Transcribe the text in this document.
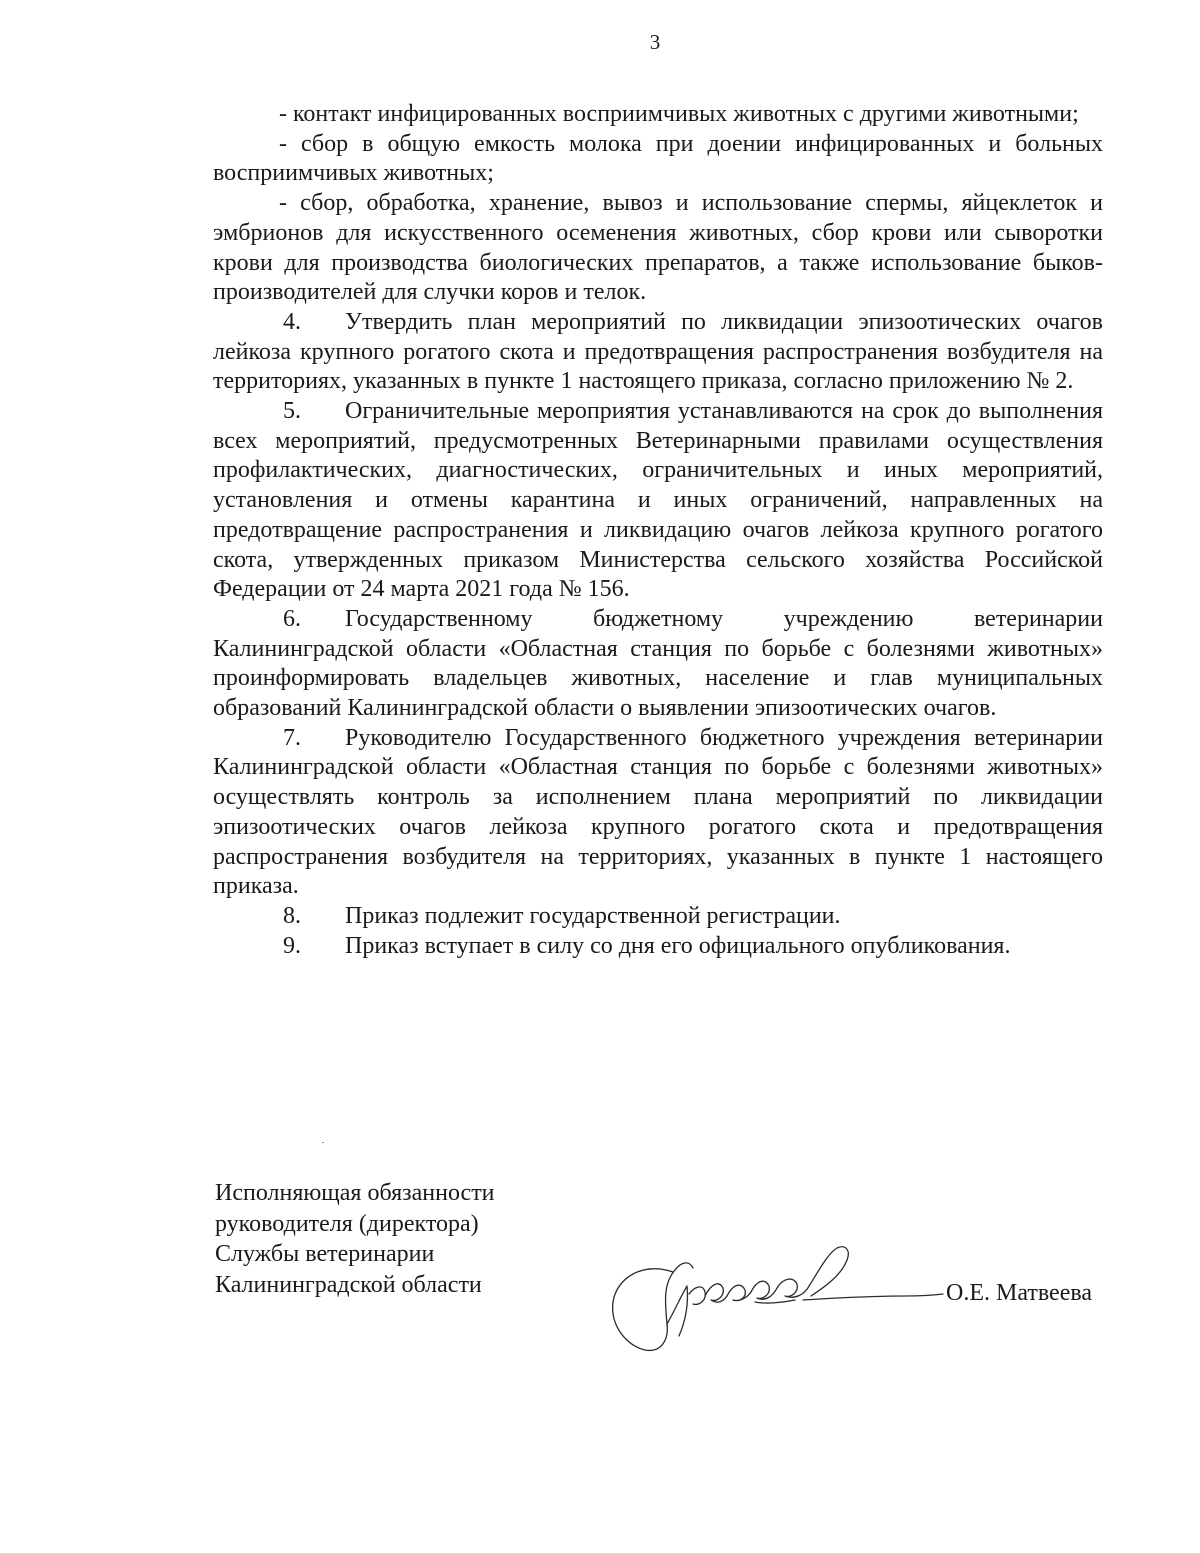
3

- контакт инфицированных восприимчивых животных с другими животными;

- сбор в общую емкость молока при доении инфицированных и больных восприимчивых животных;

- сбор, обработка, хранение, вывоз и использование спермы, яйцеклеток и эмбрионов для искусственного осеменения животных, сбор крови или сыворотки крови для производства биологических препаратов, а также использование быков-производителей для случки коров и телок.

4. Утвердить план мероприятий по ликвидации эпизоотических очагов лейкоза крупного рогатого скота и предотвращения распространения возбудителя на территориях, указанных в пункте 1 настоящего приказа, согласно приложению № 2.

5. Ограничительные мероприятия устанавливаются на срок до выполнения всех мероприятий, предусмотренных Ветеринарными правилами осуществления профилактических, диагностических, ограничительных и иных мероприятий, установления и отмены карантина и иных ограничений, направленных на предотвращение распространения и ликвидацию очагов лейкоза крупного рогатого скота, утвержденных приказом Министерства сельского хозяйства Российской Федерации от 24 марта 2021 года № 156.

6. Государственному бюджетному учреждению ветеринарии Калининградской области «Областная станция по борьбе с болезнями животных» проинформировать владельцев животных, население и глав муниципальных образований Калининградской области о выявлении эпизоотических очагов.

7. Руководителю Государственного бюджетного учреждения ветеринарии Калининградской области «Областная станция по борьбе с болезнями животных» осуществлять контроль за исполнением плана мероприятий по ликвидации эпизоотических очагов лейкоза крупного рогатого скота и предотвращения распространения возбудителя на территориях, указанных в пункте 1 настоящего приказа.

8. Приказ подлежит государственной регистрации.

9. Приказ вступает в силу со дня его официального опубликования.

Исполняющая обязанности
руководителя (директора)
Службы ветеринарии
Калининградской области	О.Е. Матвеева
